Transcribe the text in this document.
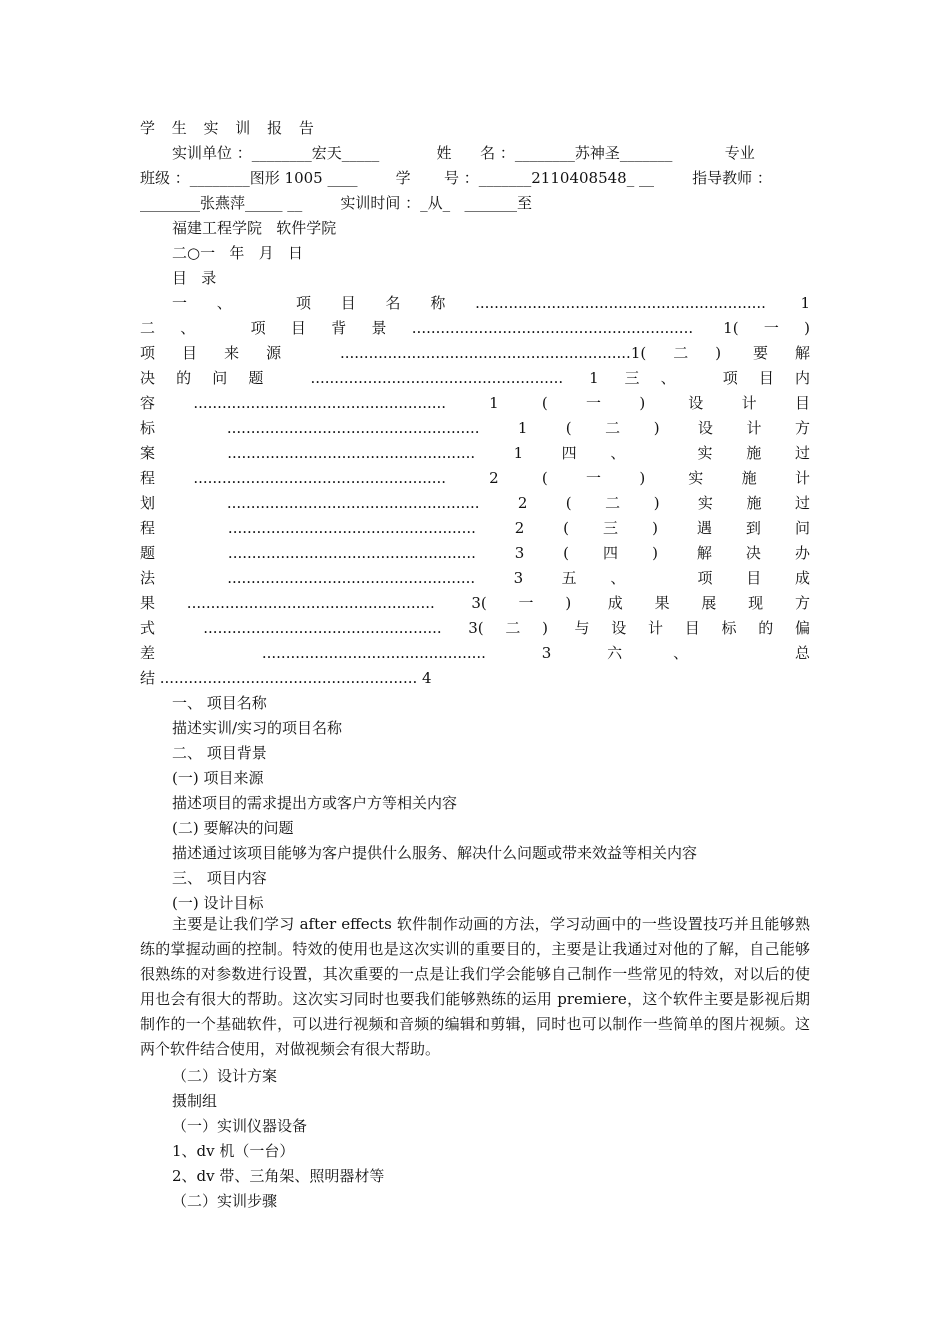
学 生 实 训 报 告
实训单位 ：________宏天_____            姓      名 ：________苏神圣_______           专业
班级 ：________图形 1005 ____        学       号 ：_______2110408548_ __        指导教师 ：
________张燕萍_____ __        实训时间 ：_从_   _______至
福建工程学院   软件学院
二○一   年   月   日
目   录
一、 项目名称............................................................. 1
二、 项目背景........................................................... 1(一)
项目来源 .............................................................1(二) 要解
决的问题 ..................................................... 1 三、 项目内
容..................................................... 1 (一) 设计目
标 ..................................................... 1 (二) 设计方
案 .................................................... 1 四、 实施过
程..................................................... 2 (一) 实施计
划 ..................................................... 2 (二) 实施过
程 .................................................... 2 (三) 遇到问
题 .................................................... 3 (四) 解决办
法 .................................................... 3 五、 项目成
果.................................................... 3(一) 成果展现方
式 .................................................. 3(二) 与设计目标的偏
差 ............................................... 3 六、 总
结 ...................................................... 4
一、 项目名称
描述实训/实习的项目名称
二、 项目背景
(一) 项目来源
描述项目的需求提出方或客户方等相关内容
(二) 要解决的问题
描述通过该项目能够为客户提供什么服务、解决什么问题或带来效益等相关内容
三、 项目内容
(一) 设计目标
主要是让我们学习 after effects 软件制作动画的方法，学习动画中的一些设置技巧并且能够熟练的掌握动画的控制。特效的使用也是这次实训的重要目的，主要是让我通过对他的了解，自己能够很熟练的对参数进行设置，其次重要的一点是让我们学会能够自己制作一些常见的特效，对以后的使用也会有很大的帮助。这次实习同时也要我们能够熟练的运用 premiere，这个软件主要是影视后期制作的一个基础软件，可以进行视频和音频的编辑和剪辑，同时也可以制作一些简单的图片视频。这两个软件结合使用，对做视频会有很大帮助。
（二）设计方案
摄制组
（一）实训仪器设备
1、dv 机（一台）
2、dv 带、三角架、照明器材等
（二）实训步骤
